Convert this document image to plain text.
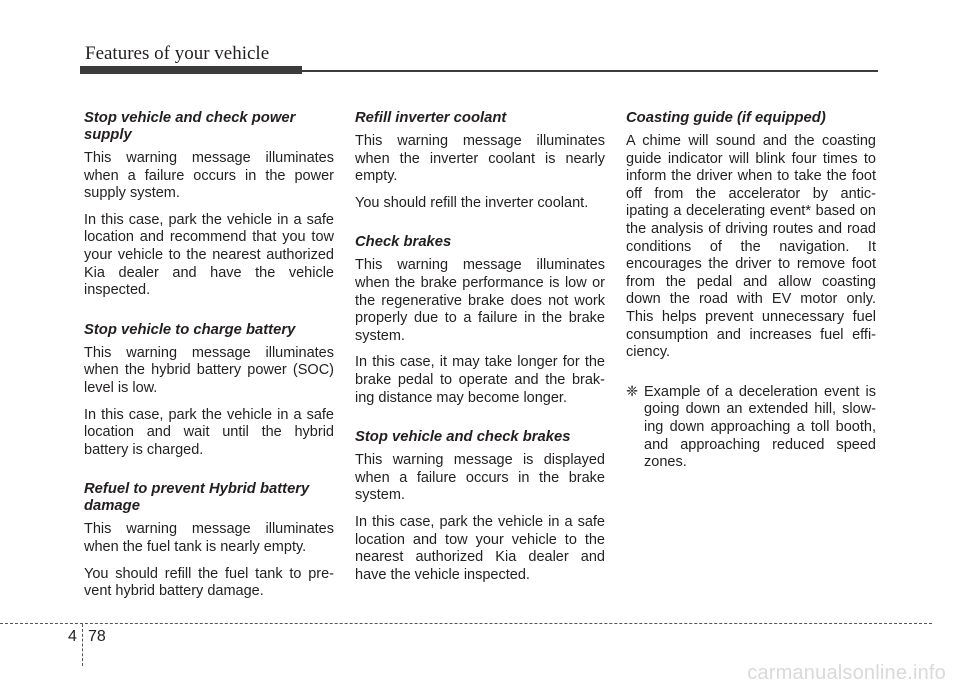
Features of your vehicle
Stop vehicle and check power supply

This warning message illuminates when a failure occurs in the power supply system.

In this case, park the vehicle in a safe location and recommend that you tow your vehicle to the nearest authorized Kia dealer and have the vehicle inspected.

Stop vehicle to charge battery

This warning message illuminates when the hybrid battery power (SOC) level is low.

In this case, park the vehicle in a safe location and wait until the hybrid battery is charged.

Refuel to prevent Hybrid battery damage

This warning message illuminates when the fuel tank is nearly empty.

You should refill the fuel tank to pre-vent hybrid battery damage.

Refill inverter coolant

This warning message illuminates when the inverter coolant is nearly empty.

You should refill the inverter coolant.

Check brakes

This warning message illuminates when the brake performance is low or the regenerative brake does not work properly due to a failure in the brake system.

In this case, it may take longer for the brake pedal to operate and the brak-ing distance may become longer.

Stop vehicle and check brakes

This warning message is displayed when a failure occurs in the brake system.

In this case, park the vehicle in a safe location and tow your vehicle to the nearest authorized Kia dealer and have the vehicle inspected.

Coasting guide (if equipped)

A chime will sound and the coasting guide indicator will blink four times to inform the driver when to take the foot off from the accelerator by antic-ipating a decelerating event* based on the analysis of driving routes and road conditions of the navigation. It encourages the driver to remove foot from the pedal and allow coasting down the road with EV motor only. This helps prevent unnecessary fuel consumption and increases fuel effi-ciency.

❈ Example of a deceleration event is going down an extended hill, slow-ing down approaching a toll booth, and approaching reduced speed zones.
4 78
carmanualsonline.info
